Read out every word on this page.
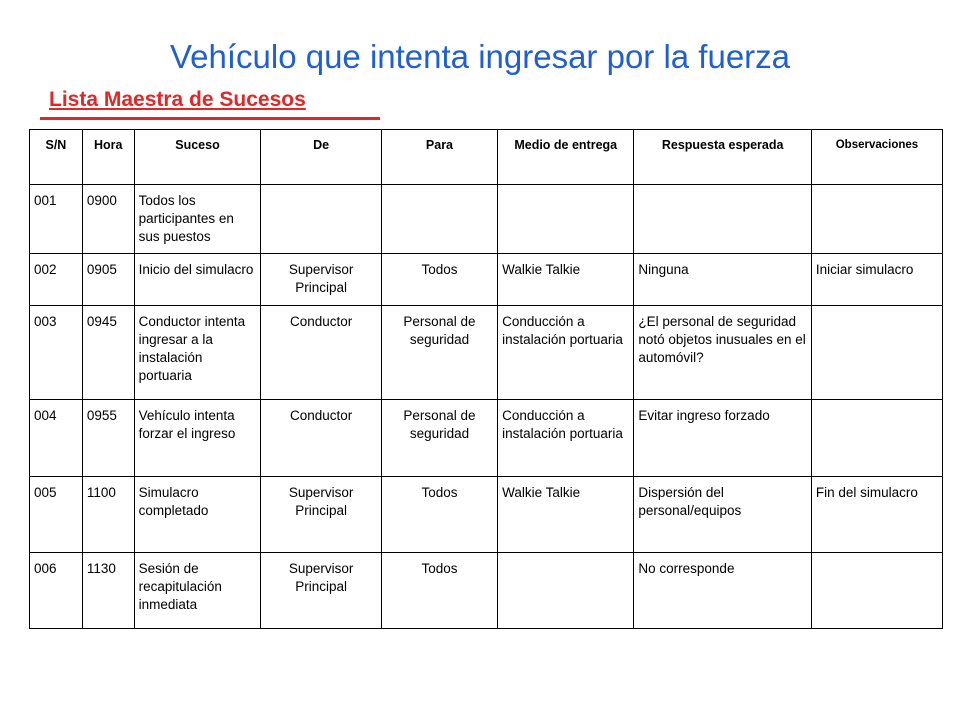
Vehículo que intenta ingresar por la fuerza
Lista Maestra de Sucesos
S/N	Hora	Suceso	De	Para	Medio de entrega	Respuesta esperada	Observaciones

001	0900	Todos los participantes en sus puestos					

002	0905	Inicio del simulacro	Supervisor Principal	Todos	Walkie Talkie	Ninguna	Iniciar simulacro

003	0945	Conductor intenta ingresar a la instalación portuaria	Conductor	Personal de seguridad	Conducción a instalación portuaria	¿El personal de seguridad notó objetos inusuales en el automóvil?	

004	0955	Vehículo intenta forzar el ingreso	Conductor	Personal de seguridad	Conducción a instalación portuaria	Evitar ingreso forzado	

005	1100	Simulacro completado	Supervisor Principal	Todos	Walkie Talkie	Dispersión del personal/equipos	Fin del simulacro

006	1130	Sesión de recapitulación inmediata	Supervisor Principal	Todos		No corresponde	
